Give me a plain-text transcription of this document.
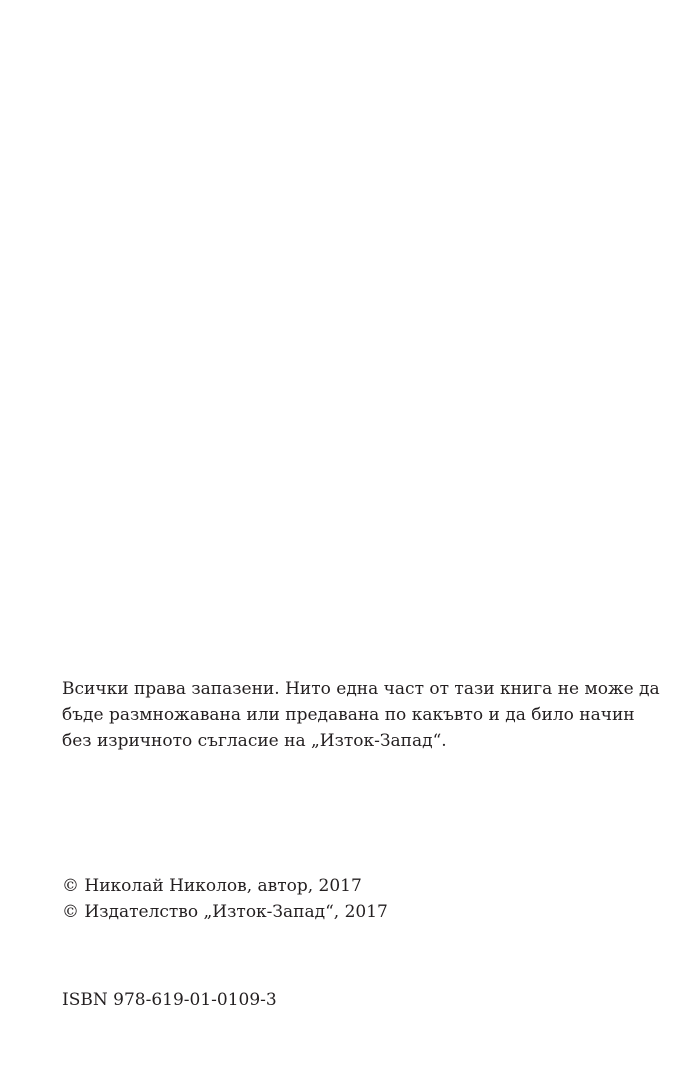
Всички права запазени. Нито една част от тази книга не може да
бъде размножавана или предавана по какъвто и да било начин
без изричното съгласие на „Изток-Запад“.

© Николай Николов, автор, 2017
© Издателство „Изток-Запад“, 2017

ISBN 978-619-01-0109-3
